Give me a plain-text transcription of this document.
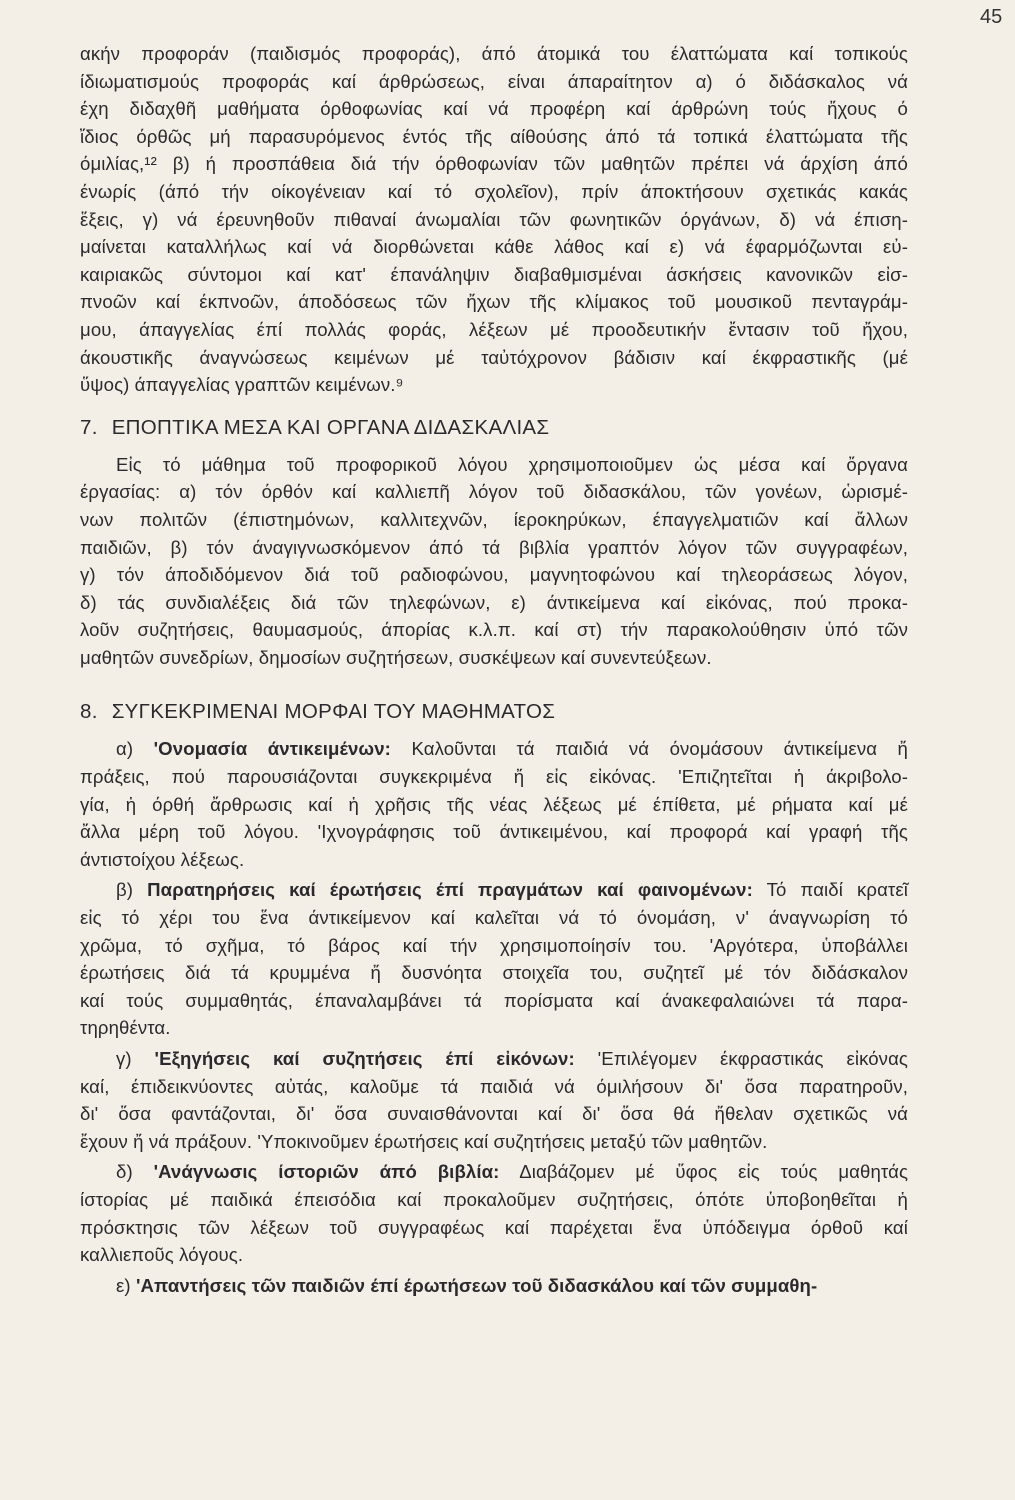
45
ακήν προφοράν (παιδισμός προφοράς), άπό άτομικά του έλαττώματα καί τοπικούς
ίδιωματισμούς προφοράς καί άρθρώσεως, είναι άπαραίτητον α) ό διδάσκαλος νά
έχη διδαχθῆ μαθήματα όρθοφωνίας καί νά προφέρη καί άρθρώνη τούς ἤχους ό
ἴδιος όρθῶς μή παρασυρόμενος έντός τῆς αίθούσης άπό τά τοπικά έλαττώματα τῆς
όμιλίας,¹² β) ή προσπάθεια διά τήν όρθοφωνίαν τῶν μαθητῶν πρέπει νά άρχίση άπό
ένωρίς (άπό τήν οίκογένειαν καί τό σχολεῖον), πρίν άποκτήσουν σχετικάς κακάς
ἕξεις, γ) νά έρευνηθοῦν πιθαναί άνωμαλίαι τῶν φωνητικῶν όργάνων, δ) νά έπιση-
μαίνεται καταλλήλως καί νά διορθώνεται κάθε λάθος καί ε) νά έφαρμόζωνται εὐ-
καιριακῶς σύντομοι καί κατ' έπανάληψιν διαβαθμισμέναι άσκήσεις κανονικῶν εἰσ-
πνοῶν καί έκπνοῶν, άποδόσεως τῶν ἤχων τῆς κλίμακος τοῦ μουσικοῦ πενταγράμ-
μου, άπαγγελίας έπί πολλάς φοράς, λέξεων μέ προοδευτικήν ἔντασιν τοῦ ἤχου,
άκουστικῆς άναγνώσεως κειμένων μέ ταὐτόχρονον βάδισιν καί έκφραστικῆς (μέ
ὕψος) άπαγγελίας γραπτῶν κειμένων.⁹
7. ΕΠΟΠΤΙΚΑ ΜΕΣΑ ΚΑΙ ΟΡΓΑΝΑ ΔΙΔΑΣΚΑΛΙΑΣ
Εἰς τό μάθημα τοῦ προφορικοῦ λόγου χρησιμοποιοῦμεν ὡς μέσα καί ὄργανα
έργασίας: α) τόν όρθόν καί καλλιεπῆ λόγον τοῦ διδασκάλου, τῶν γονέων, ὡρισμέ-
νων πολιτῶν (έπιστημόνων, καλλιτεχνῶν, ίεροκηρύκων, έπαγγελματιῶν καί ἄλλων
παιδιῶν, β) τόν άναγιγνωσκόμενον άπό τά βιβλία γραπτόν λόγον τῶν συγγραφέων,
γ) τόν άποδιδόμενον διά τοῦ ραδιοφώνου, μαγνητοφώνου καί τηλεοράσεως λόγον,
δ) τάς συνδιαλέξεις διά τῶν τηλεφώνων, ε) άντικείμενα καί εἰκόνας, πού προκα-
λοῦν συζητήσεις, θαυμασμούς, άπορίας κ.λ.π. καί στ) τήν παρακολούθησιν ὑπό τῶν
μαθητῶν συνεδρίων, δημοσίων συζητήσεων, συσκέψεων καί συνεντεύξεων.
8. ΣΥΓΚΕΚΡΙΜΕΝΑΙ ΜΟΡΦΑΙ ΤΟΥ ΜΑΘΗΜΑΤΟΣ
α) 'Ονομασία άντικειμένων: Καλοῦνται τά παιδιά νά όνομάσουν άντικείμενα ἤ
πράξεις, πού παρουσιάζονται συγκεκριμένα ἤ εἰς εἰκόνας. 'Επιζητεῖται ἡ άκριβολο-
γία, ἡ όρθή ἄρθρωσις καί ἡ χρῆσις τῆς νέας λέξεως μέ έπίθετα, μέ ρήματα καί μέ
ἄλλα μέρη τοῦ λόγου. 'Ιχνογράφησις τοῦ άντικειμένου, καί προφορά καί γραφή τῆς
άντιστοίχου λέξεως.
β) Παρατηρήσεις καί έρωτήσεις έπί πραγμάτων καί φαινομένων: Τό παιδί κρατεῖ
εἰς τό χέρι του ἕνα άντικείμενον καί καλεῖται νά τό όνομάση, ν' άναγνωρίση τό
χρῶμα, τό σχῆμα, τό βάρος καί τήν χρησιμοποίησίν του. 'Αργότερα, ὑποβάλλει
έρωτήσεις διά τά κρυμμένα ἤ δυσνόητα στοιχεῖα του, συζητεῖ μέ τόν διδάσκαλον
καί τούς συμμαθητάς, έπαναλαμβάνει τά πορίσματα καί άνακεφαλαιώνει τά παρα-
τηρηθέντα.
γ) 'Εξηγήσεις καί συζητήσεις έπί εἰκόνων: 'Επιλέγομεν έκφραστικάς εἰκόνας
καί, έπιδεικνύοντες αὐτάς, καλοῦμε τά παιδιά νά όμιλήσουν δι' ὅσα παρατηροῦν,
δι' ὅσα φαντάζονται, δι' ὅσα συναισθάνονται καί δι' ὅσα θά ἤθελαν σχετικῶς νά
ἔχουν ἤ νά πράξουν. 'Υποκινοῦμεν έρωτήσεις καί συζητήσεις μεταξύ τῶν μαθητῶν.
δ) 'Ανάγνωσις ίστοριῶν άπό βιβλία: Διαβάζομεν μέ ὕφος εἰς τούς μαθητάς
ίστορίας μέ παιδικά έπεισόδια καί προκαλοῦμεν συζητήσεις, όπότε ὑποβοηθεῖται ἡ
πρόσκτησις τῶν λέξεων τοῦ συγγραφέως καί παρέχεται ἕνα ὑπόδειγμα όρθοῦ καί
καλλιεποῦς λόγους.
ε) 'Απαντήσεις τῶν παιδιῶν έπί έρωτήσεων τοῦ διδασκάλου καί τῶν συμμαθη-
